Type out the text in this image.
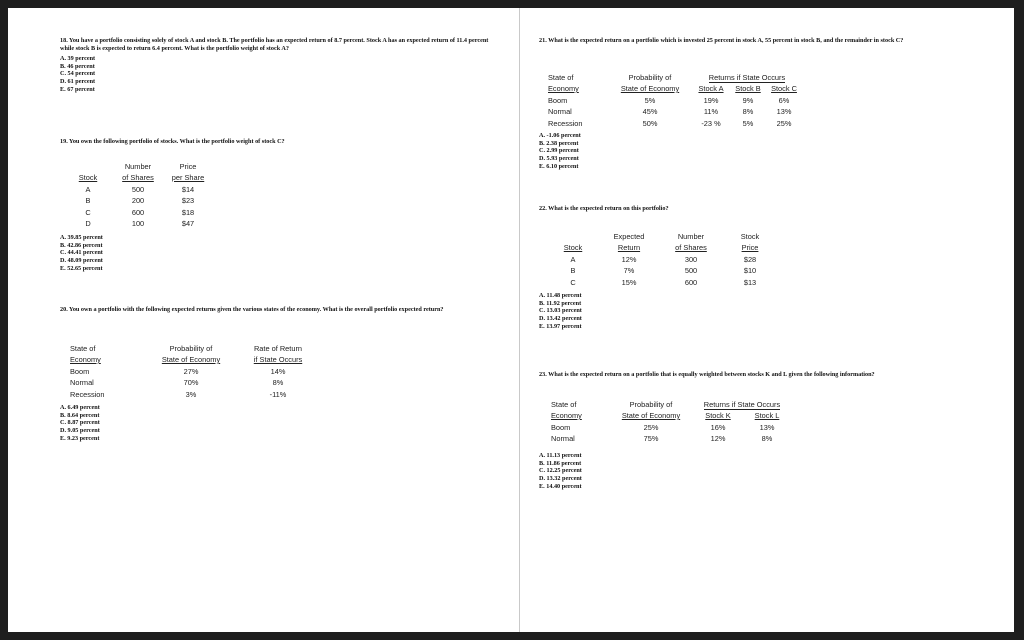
18. You have a portfolio consisting solely of stock A and stock B. The portfolio has an expected return of 8.7 percent. Stock A has an expected return of 11.4 percent while stock B is expected to return 6.4 percent. What is the portfolio weight of stock A?

A. 39 percent
B. 46 percent
C. 54 percent
D. 61 percent
E. 67 percent

19. You own the following portfolio of stocks. What is the portfolio weight of stock C?

	Number	Price
Stock	of Shares	per Share
A	500	$14
B	200	$23
C	600	$18
D	100	$47
A. 39.85 percent
B. 42.86 percent
C. 44.41 percent
D. 48.09 percent
E. 52.65 percent

20. You own a portfolio with the following expected returns given the various states of the economy. What is the overall portfolio expected return?

State of	Probability of	Rate of Return
Economy	State of Economy	if State Occurs
Boom	27%	14%
Normal	70%	8%
Recession	3%	-11%
A. 6.49 percent
B. 8.64 percent
C. 8.87 percent
D. 9.05 percent
E. 9.23 percent

21. What is the expected return on a portfolio which is invested 25 percent in stock A, 55 percent in stock B, and the remainder in stock C?

State of	Probability of	Returns if State Occurs		
Economy	State of Economy	Stock A	Stock B	Stock C
Boom	5%	19%	9%	6%
Normal	45%	11%	8%	13%
Recession	50%	-23 %	5%	25%
A. -1.06 percent
B. 2.38 percent
C. 2.99 percent
D. 5.93 percent
E. 6.10 percent

22. What is the expected return on this portfolio?

	Expected	Number	Stock
Stock	Return	of Shares	Price
A	12%	300	$28
B	7%	500	$10
C	15%	600	$13
A. 11.48 percent
B. 11.92 percent
C. 13.03 percent
D. 13.42 percent
E. 13.97 percent

23. What is the expected return on a portfolio that is equally weighted between stocks K and L given the following information?

State of	Probability of	Returns if State Occurs	
Economy	State of Economy	Stock K	Stock L
Boom	25%	16%	13%
Normal	75%	12%	8%
A. 11.13 percent
B. 11.86 percent
C. 12.25 percent
D. 13.32 percent
E. 14.40 percent
